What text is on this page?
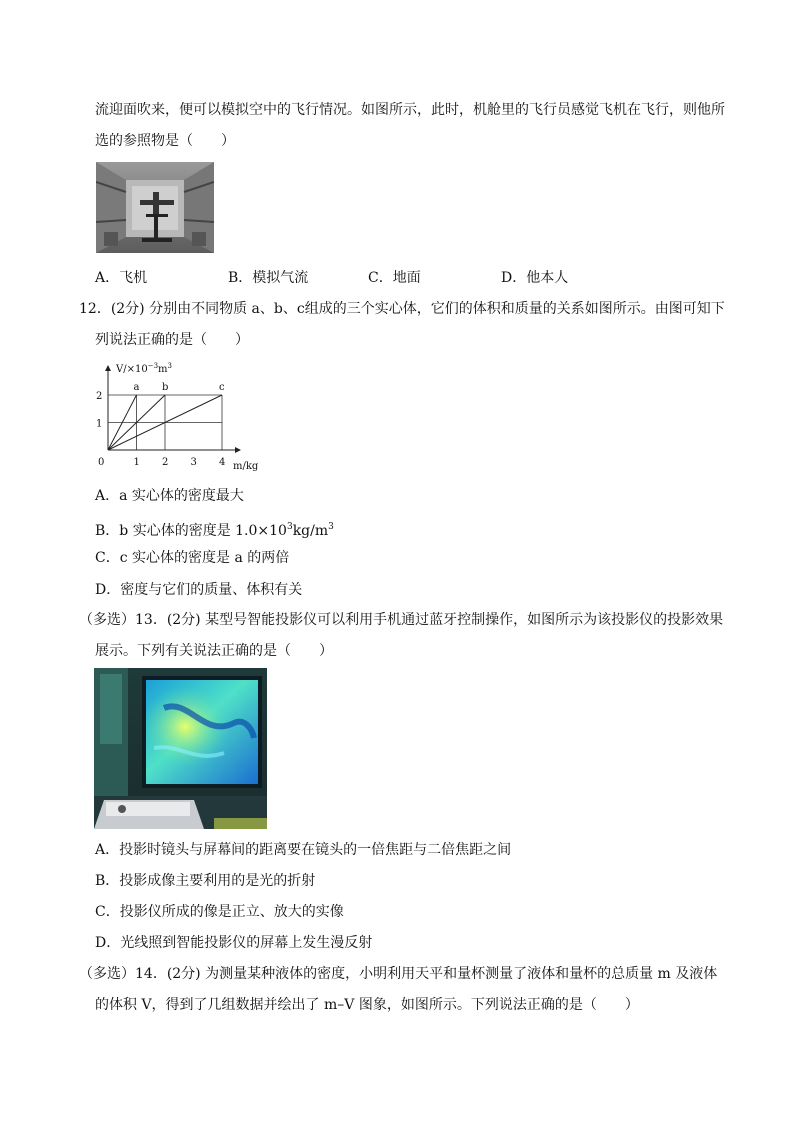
流迎面吹来，便可以模拟空中的飞行情况。如图所示，此时，机舱里的飞行员感觉飞机在飞行，则他所
选的参照物是（　　）
A．飞机	B．模拟气流	C．地面	D．他本人
12．(2分) 分别由不同物质 a、b、c组成的三个实心体，它们的体积和质量的关系如图所示。由图可知下
列说法正确的是（　　）
a b	c
1
2
1 2 3 4
$V/\times 10^{-3}m^3$
m/kg
0
A．a 实心体的密度最大
B．b 实心体的密度是 $1.0\times 10^3kg/m^3$
C．c 实心体的密度是 a 的两倍
D．密度与它们的质量、体积有关
（多选）13．(2分) 某型号智能投影仪可以利用手机通过蓝牙控制操作，如图所示为该投影仪的投影效果
展示。下列有关说法正确的是（　　）
A．投影时镜头与屏幕间的距离要在镜头的一倍焦距与二倍焦距之间
B．投影成像主要利用的是光的折射
C．投影仪所成的像是正立、放大的实像
D．光线照到智能投影仪的屏幕上发生漫反射
（多选）14．(2分) 为测量某种液体的密度，小明利用天平和量杯测量了液体和量杯的总质量 m 及液体
的体积 V，得到了几组数据并绘出了 m–V 图象，如图所示。下列说法正确的是（　　）
